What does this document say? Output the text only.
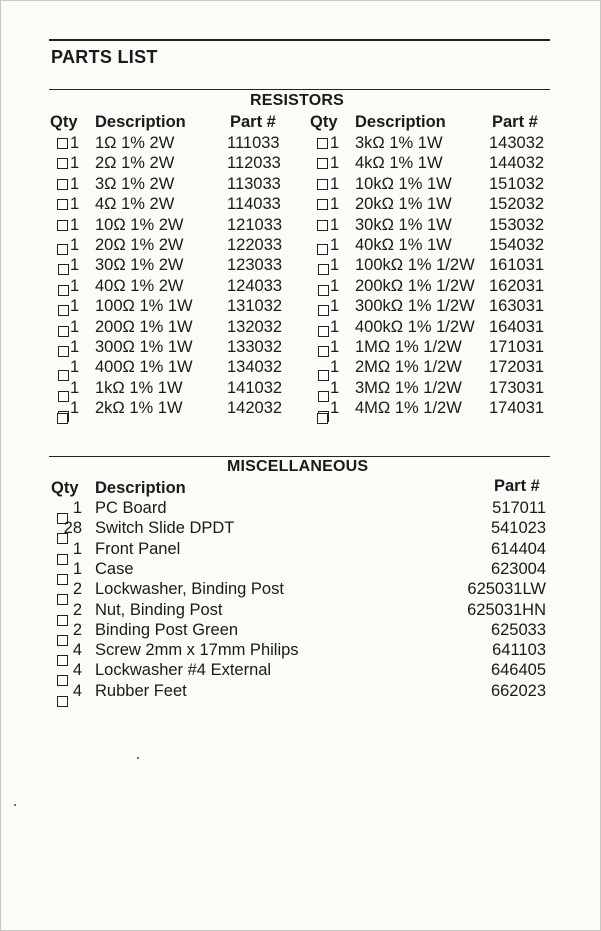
PARTS LIST
RESISTORS
Qty Description	Part # Qty Description	Part #
1 1Ω 1% 2W	111033
1 2Ω 1% 2W	112033
1 3Ω 1% 2W	113033
1 4Ω 1% 2W	114033
1 10Ω 1% 2W	121033
1 20Ω 1% 2W	122033
1 30Ω 1% 2W	123033
1 40Ω 1% 2W	124033
1 100Ω 1% 1W 131032
1 200Ω 1% 1W 132032
1 300Ω 1% 1W 133032
1 400Ω 1% 1W 134032
1 1kΩ 1% 1W	141032
1 2kΩ 1% 1W	142032
1 3kΩ 1% 1W	143032
1 4kΩ 1% 1W	144032
1 10kΩ 1% 1W 151032
1 20kΩ 1% 1W 152032
1 30kΩ 1% 1W 153032
1 40kΩ 1% 1W 154032
1 100kΩ 1% 1/2W 161031
1 200kΩ 1% 1/2W 162031
1 300kΩ 1% 1/2W 163031
1 400kΩ 1% 1/2W 164031
1 1MΩ 1% 1/2W 171031
1 2MΩ 1% 1/2W 172031
1 3MΩ 1% 1/2W 173031
1 4MΩ 1% 1/2W 174031
MISCELLANEOUS
Qty Description	Part #
1 PC Board	517011
28 Switch Slide DPDT	541023
1 Front Panel	614404
1 Case	623004
2 Lockwasher, Binding Post	625031LW
2 Nut, Binding Post	625031HN
2 Binding Post Green	625033
4 Screw 2mm x 17mm Philips	641103
4 Lockwasher #4 External	646405
4 Rubber Feet	662023
